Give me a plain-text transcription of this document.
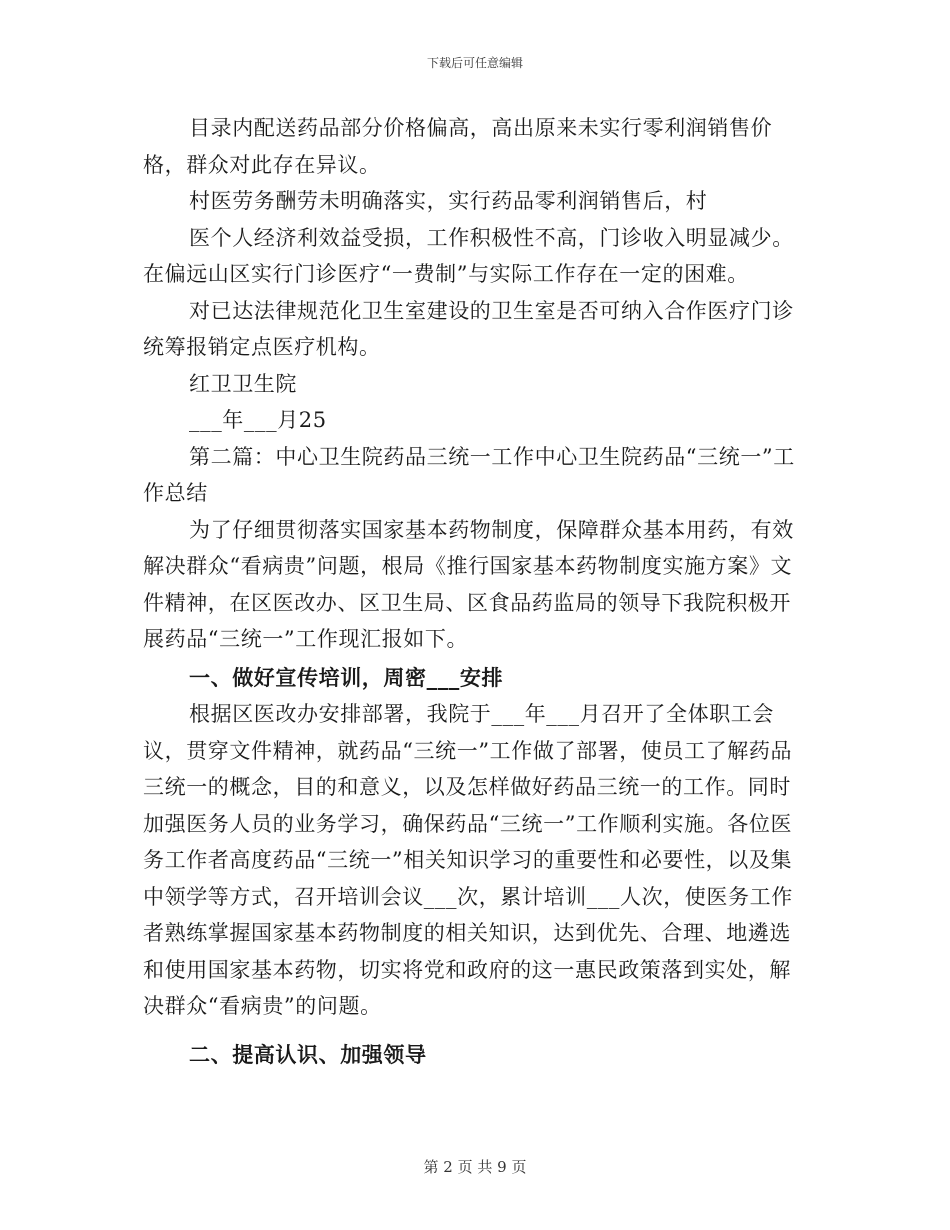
下载后可任意编辑

目录内配送药品部分价格偏高，高出原来未实行零利润销售价格，群众对此存在异议。

村医劳务酬劳未明确落实，实行药品零利润销售后，村

医个人经济利效益受损，工作积极性不高，门诊收入明显减少。在偏远山区实行门诊医疗“一费制”与实际工作存在一定的困难。

对已达法律规范化卫生室建设的卫生室是否可纳入合作医疗门诊统筹报销定点医疗机构。

红卫卫生院

___年___月25

第二篇：中心卫生院药品三统一工作中心卫生院药品“三统一”工作总结

为了仔细贯彻落实国家基本药物制度，保障群众基本用药，有效解决群众“看病贵”问题，根局《推行国家基本药物制度实施方案》文件精神，在区医改办、区卫生局、区食品药监局的领导下我院积极开展药品“三统一”工作现汇报如下。

一、做好宣传培训，周密___安排

根据区医改办安排部署，我院于___年___月召开了全体职工会议，贯穿文件精神，就药品“三统一”工作做了部署，使员工了解药品三统一的概念，目的和意义，以及怎样做好药品三统一的工作。同时加强医务人员的业务学习，确保药品“三统一”工作顺利实施。各位医务工作者高度药品“三统一”相关知识学习的重要性和必要性，以及集中领学等方式，召开培训会议___次，累计培训___人次，使医务工作者熟练掌握国家基本药物制度的相关知识，达到优先、合理、地遴选和使用国家基本药物，切实将党和政府的这一惠民政策落到实处，解决群众“看病贵”的问题。

二、提高认识、加强领导

第 2 页 共 9 页
